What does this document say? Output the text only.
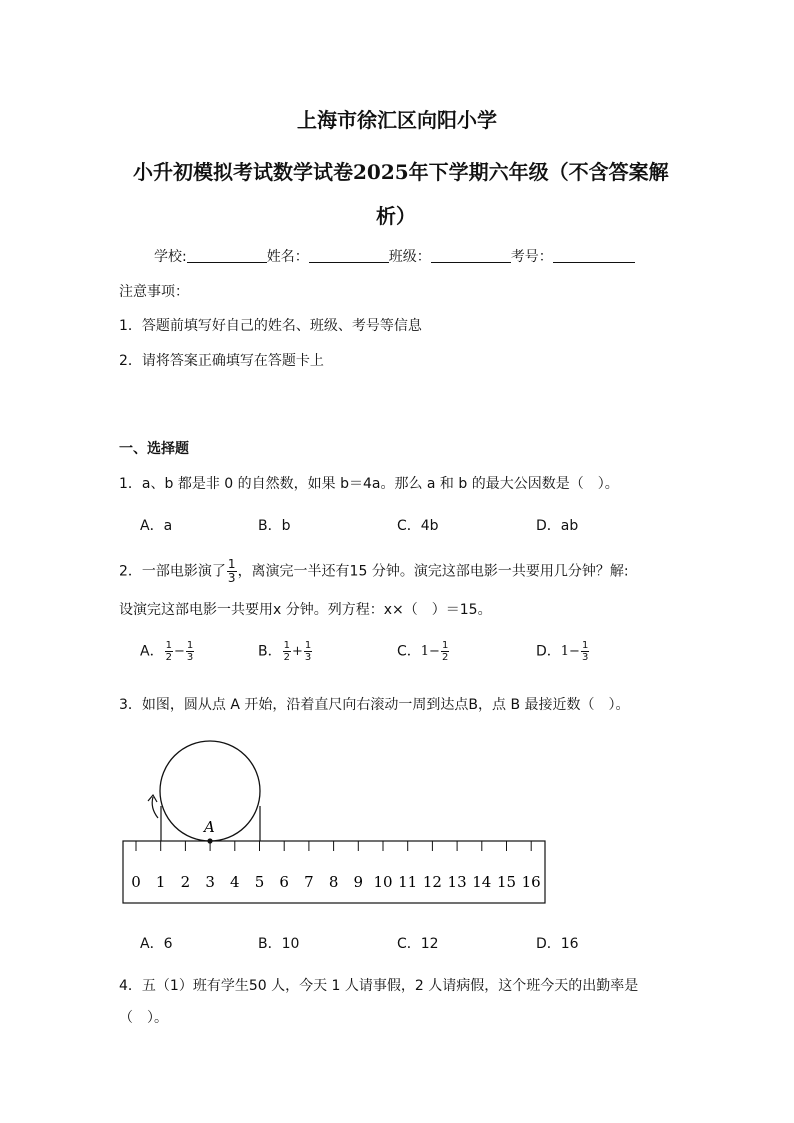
上海市徐汇区向阳小学
小升初模拟考试数学试卷2025年下学期六年级（不含答案解
析）
学校:	姓名：	班级：	考号：
注意事项：
1．答题前填写好自己的姓名、班级、考号等信息
2．请将答案正确填写在答题卡上
一、选择题
1．a、b 都是非 0 的自然数，如果 b＝4a。那么 a 和 b 的最大公因数是（　）。
A．a	B．b	C．4b	D．ab
2．一部电影演了 $\frac{1}{3}$ ，离演完一半还有15 分钟。演完这部电影一共要用几分钟？解:
设演完这部电影一共要用x 分钟。列方程：x×（　）＝15。
A． $\frac{1}{2} - \frac{1}{3}$	B． $\frac{1}{2} + \frac{1}{3}$	C．$1- \frac{1}{2}$	D．$1- \frac{1}{3}$
3．如图，圆从点 A 开始，沿着直尺向右滚动一周到达点B，点 B 最接近数（　）。
A
0 1 2 3 4 5 6 7 8 9 10 11 12 13 14 15 16
A．6	B．10	C．12	D．16
4．五（1）班有学生50 人，今天 1 人请事假，2 人请病假，这个班今天的出勤率是
（　）。
